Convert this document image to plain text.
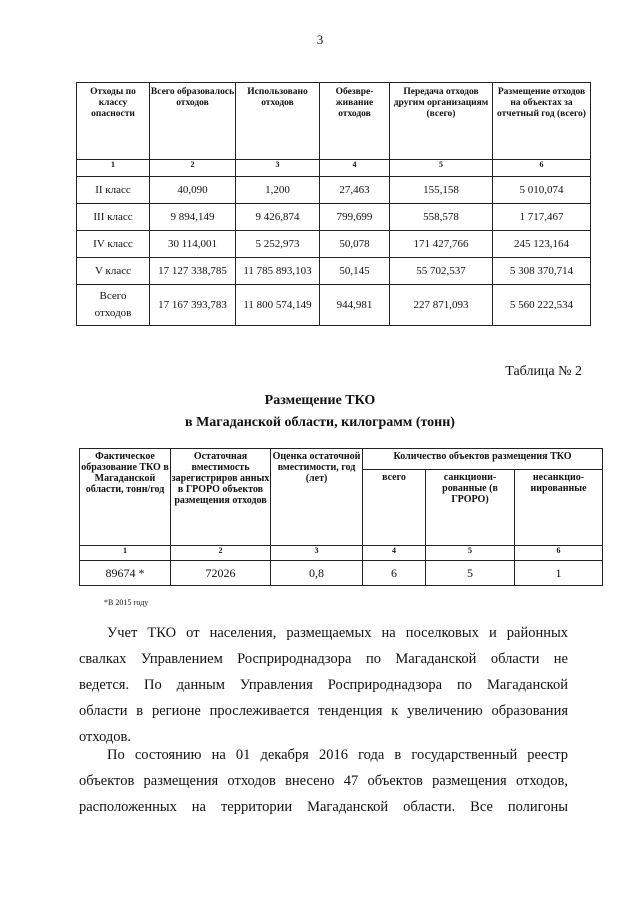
3
Отходы по классу опасности	Всего образовалось отходов	Использовано отходов	Обезвре-живание отходов	Передача отходов другим организациям (всего)	Размещение отходов на объектах за отчетный год (всего)
1	2	3	4	5	6
II класс	40,090	1,200	27,463	155,158	5 010,074
III класс	9 894,149	9 426,874	799,699	558,578	1 717,467
IV класс	30 114,001	5 252,973	50,078	171 427,766	245 123,164
V класс	17 127 338,785	11 785 893,103	50,145	55 702,537	5 308 370,714
Всего отходов	17 167 393,783	11 800 574,149	944,981	227 871,093	5 560 222,534
Таблица № 2
Размещение ТКО
в Магаданской области, килограмм (тонн)
Фактическое образование ТКО в Магаданской области, тонн/год	Остаточная вместимость зарегистриров анных в ГРОРО объектов размещения отходов	Оценка остаточной вместимости, год (лет)	Количество объектов размещения ТКО		
			всего	санкциони-рованные (в ГРОРО)	несанкцио-нированные
1	2	3	4	5	6
89674 *	72026	0,8	6	5	1
*В 2015 году
Учет ТКО от населения, размещаемых на поселковых и районных
свалках Управлением Росприроднадзора по Магаданской области не
ведется. По данным Управления Росприроднадзора по Магаданской
области в регионе прослеживается тенденция к увеличению образования
отходов.
По состоянию на 01 декабря 2016 года в государственный реестр
объектов размещения отходов внесено 47 объектов размещения отходов,
расположенных на территории Магаданской области. Все полигоны
